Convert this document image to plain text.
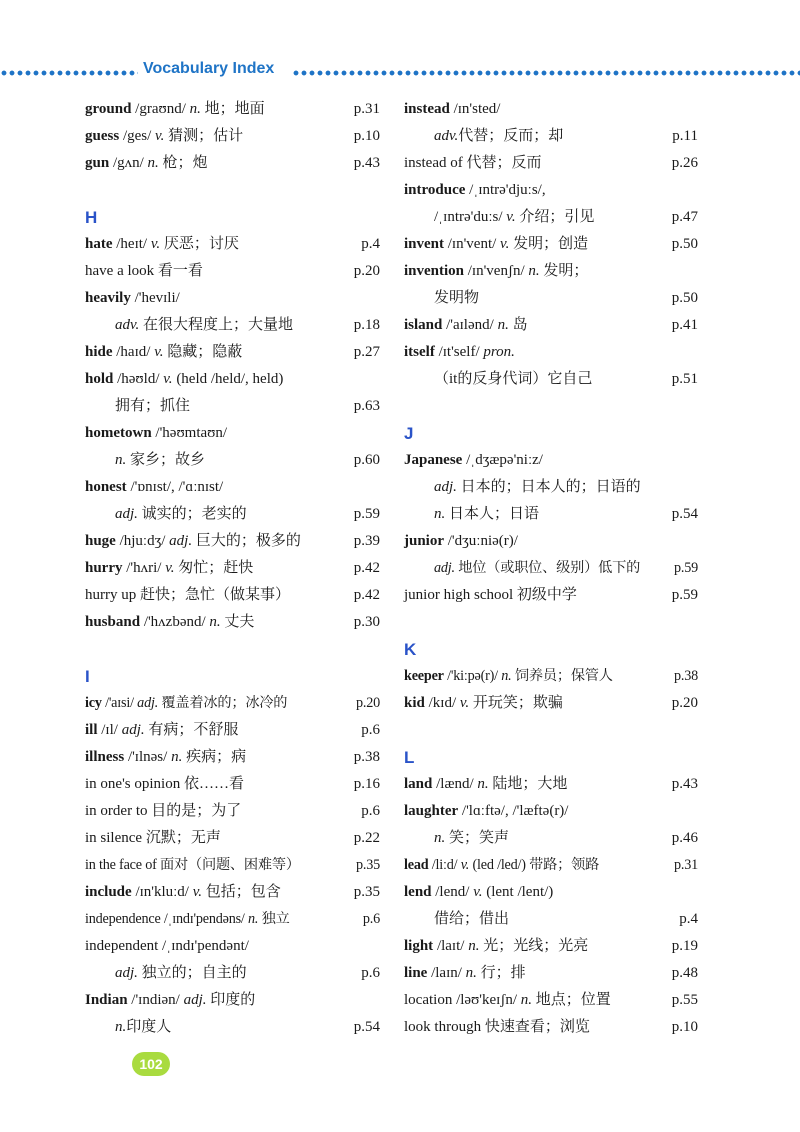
Vocabulary Index
ground /graʊnd/ n. 地；地面	p.31
guess /ges/ v. 猜测；估计	p.10
gun /gʌn/ n. 枪；炮	p.43
H
hate /heɪt/ v. 厌恶；讨厌	p.4
have a look 看一看	p.20
heavily /'hevɪli/
adv. 在很大程度上；大量地	p.18
hide /haɪd/ v. 隐藏；隐蔽	p.27
hold /həʊld/ v. (held /held/, held)
拥有；抓住	p.63
hometown /'həʊmtaʊn/
n. 家乡；故乡	p.60
honest /'ɒnɪst/, /'ɑːnɪst/
adj. 诚实的；老实的	p.59
huge /hjuːdʒ/ adj. 巨大的；极多的	p.39
hurry /'hʌri/ v. 匆忙；赶快	p.42
hurry up 赶快；急忙（做某事）	p.42
husband /'hʌzbənd/ n. 丈夫	p.30
I
icy /'aɪsi/ adj. 覆盖着冰的；冰冷的	p.20
ill /ɪl/ adj. 有病；不舒服	p.6
illness /'ɪlnəs/ n. 疾病；病	p.38
in one's opinion 依……看	p.16
in order to 目的是；为了	p.6
in silence 沉默；无声	p.22
in the face of 面对（问题、困难等）	p.35
include /ɪn'kluːd/ v. 包括；包含	p.35
independence /ˌɪndɪ'pendəns/ n. 独立	p.6
independent /ˌɪndɪ'pendənt/
adj. 独立的；自主的	p.6
Indian /'ɪndiən/ adj. 印度的
n.印度人	p.54
instead /ɪn'sted/
adv.代替；反而；却	p.11
instead of 代替；反而	p.26
introduce /ˌɪntrə'djuːs/,
/ˌɪntrə'duːs/ v. 介绍；引见	p.47
invent /ɪn'vent/ v. 发明；创造	p.50
invention /ɪn'venʃn/ n. 发明；
发明物	p.50
island /'aɪlənd/ n. 岛	p.41
itself /ɪt'self/ pron.
（it的反身代词）它自己	p.51
J
Japanese /ˌdʒæpə'niːz/
adj. 日本的；日本人的；日语的
n. 日本人；日语	p.54
junior /'dʒuːniə(r)/
adj. 地位（或职位、级别）低下的 p.59
junior high school 初级中学	p.59
K
keeper /'kiːpə(r)/ n. 饲养员；保管人	p.38
kid /kɪd/ v. 开玩笑；欺骗	p.20
L
land /lænd/ n. 陆地；大地	p.43
laughter /'lɑːftə/, /'læftə(r)/
n. 笑；笑声	p.46
lead /liːd/ v. (led /led/) 带路；领路	p.31
lend /lend/ v. (lent /lent/)
借给；借出	p.4
light /laɪt/ n. 光；光线；光亮	p.19
line /laɪn/ n. 行；排	p.48
location /ləʊ'keɪʃn/ n. 地点；位置	p.55
look through 快速查看；浏览	p.10
102
